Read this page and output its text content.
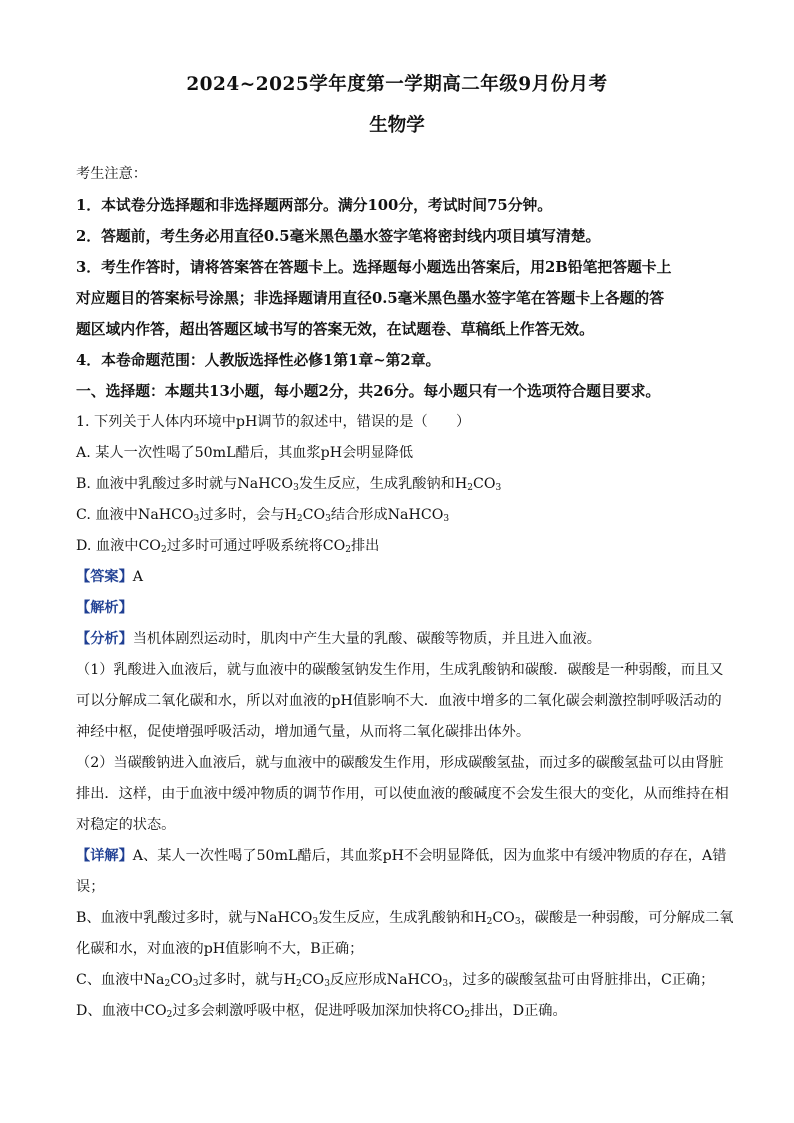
2024~2025学年度第一学期高二年级9月份月考
生物学
考生注意：
1．本试卷分选择题和非选择题两部分。满分100分，考试时间75分钟。
2．答题前，考生务必用直径0.5毫米黑色墨水签字笔将密封线内项目填写清楚。
3．考生作答时，请将答案答在答题卡上。选择题每小题选出答案后，用2B铅笔把答题卡上
对应题目的答案标号涂黑；非选择题请用直径0.5毫米黑色墨水签字笔在答题卡上各题的答
题区域内作答，超出答题区域书写的答案无效，在试题卷、草稿纸上作答无效。
4．本卷命题范围：人教版选择性必修1第1章~第2章。
一、选择题：本题共13小题，每小题2分，共26分。每小题只有一个选项符合题目要求。
1. 下列关于人体内环境中pH调节的叙述中，错误的是（　　）
A. 某人一次性喝了50mL醋后，其血浆pH会明显降低
B. 血液中乳酸过多时就与NaHCO$_3$发生反应，生成乳酸钠和$H_2CO_3$
C. 血液中NaHCO$_3$过多时，会与$H_2CO_3$结合形成NaHCO$_3$
D. 血液中$CO_2$过多时可通过呼吸系统将$CO_2$排出
【答案】A
【解析】
【分析】当机体剧烈运动时，肌肉中产生大量的乳酸、碳酸等物质，并且进入血液。
（1）乳酸进入血液后，就与血液中的碳酸氢钠发生作用，生成乳酸钠和碳酸．碳酸是一种弱酸，而且又
可以分解成二氧化碳和水，所以对血液的pH值影响不大．血液中增多的二氧化碳会刺激控制呼吸活动的
神经中枢，促使增强呼吸活动，增加通气量，从而将二氧化碳排出体外。
（2）当碳酸钠进入血液后，就与血液中的碳酸发生作用，形成碳酸氢盐，而过多的碳酸氢盐可以由肾脏
排出．这样，由于血液中缓冲物质的调节作用，可以使血液的酸碱度不会发生很大的变化，从而维持在相
对稳定的状态。
【详解】A、某人一次性喝了50mL醋后，其血浆pH不会明显降低，因为血浆中有缓冲物质的存在，A错
误；
B、血液中乳酸过多时，就与NaHCO$_3$发生反应，生成乳酸钠和$H_2CO_3$，碳酸是一种弱酸，可分解成二氧
化碳和水，对血液的pH值影响不大，B正确；
C、血液中$Na_2CO_3$过多时，就与$H_2CO_3$反应形成NaHCO$_3$，过多的碳酸氢盐可由肾脏排出，C正确；
D、血液中$CO_2$过多会刺激呼吸中枢，促进呼吸加深加快将$CO_2$排出，D正确。
